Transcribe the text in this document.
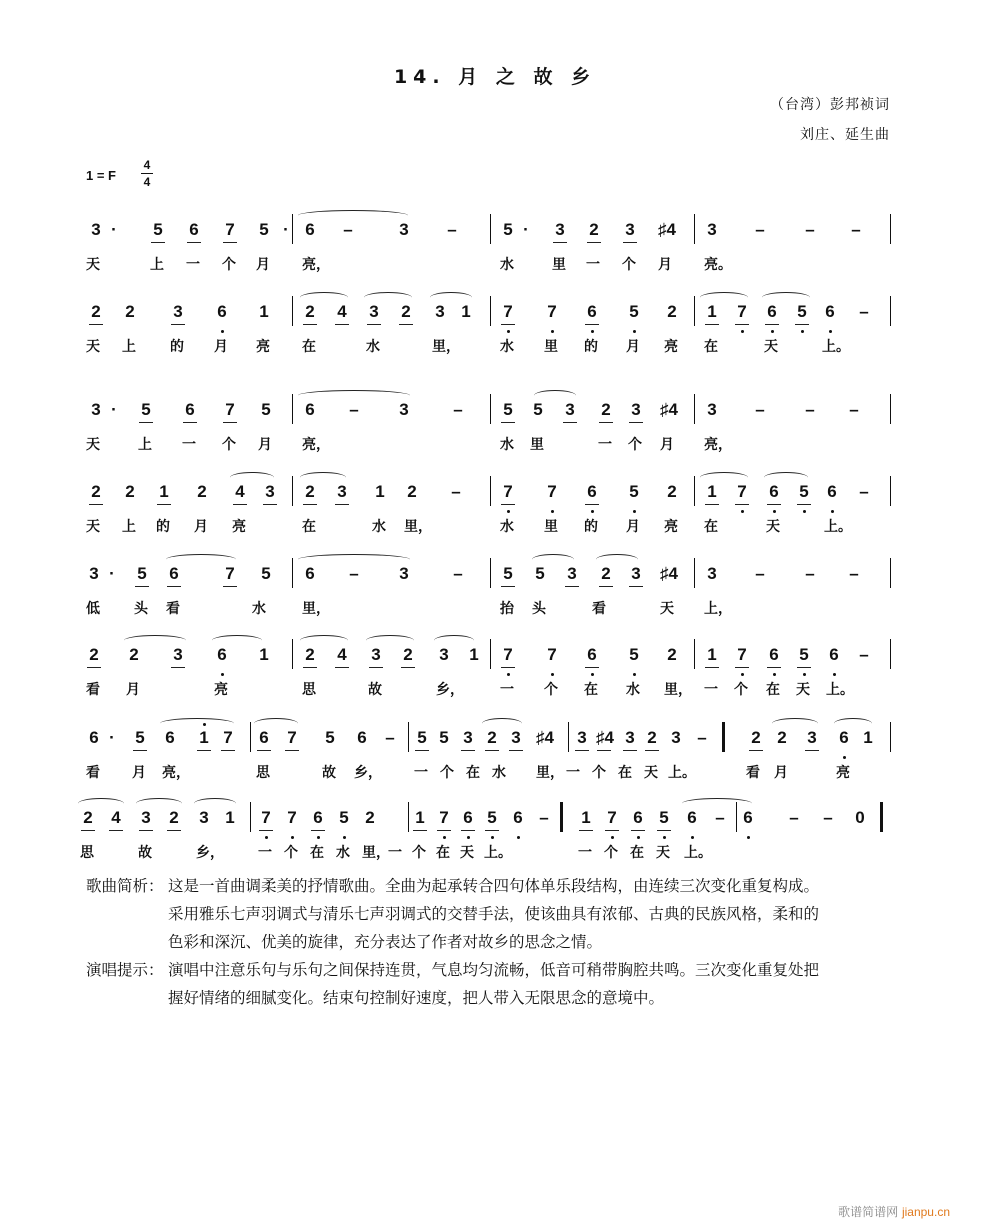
14. 月 之 故 乡
（台湾）彭邦祯词
刘庄、延生曲
1 = F
4
4
3 ·	5 6 7 5 · 6 –	3 –	5 ·	3 2 3 ♯4 3 – – –
天	上 一 个 月 亮，	水	里 一 个 月 亮。
2 2 3 6 1 2 4 3 2 3 1 7 7 6 5 2 1 7 6 5 6 –
天 上 的 月 亮 在	水	里，	水 里 的 月 亮 在	天	上。
3 ·	5 6 7 5 6 – 3	– 5 5 3 2 3 ♯4 3 – – –
天	上 一 个 月 亮，	水 里	一 个 月 亮，
2 2 1 2 4 3 2 3 1 2 –	7 7 6 5 2 1 7 6 5 6 –
天 上 的 月 亮	在	水 里，	水 里 的 月 亮 在	天	上。
3 ·	5 6	7 5 6 – 3	– 5 5 3 2 3 ♯4 3 – – –
低 头 看	水	里，	抬 头	看	天 上，
2 2 3 6 1 2 4 3 2 3 1 7 7 6 5 2 1 7 6 5 6 –
看 月	亮	思	故	乡，	一 个 在 水 里， 一 个 在 天 上。
6 ·	5 6 1 7 6 7 5 6 – 5 5 3 2 3 ♯4 3 ♯4 3 2 3 –	2 2 3 6 1
看 月 亮，	思	故 乡， 一 个 在 水 里， 一 个 在 天 上。	看 月	亮
2 4 3 2 3 1 7 7 6 5 2 1 7 6 5 6 – 1 7 6 5 6 – 6 – – 0
思	故	乡， 一 个 在 水 里，
一 个 在 天 上。	一 个 在 天 上。
歌曲简析： 这是一首曲调柔美的抒情歌曲。全曲为起承转合四句体单乐段结构，由连续三次变化重复构成。
采用雅乐七声羽调式与清乐七声羽调式的交替手法，使该曲具有浓郁、古典的民族风格，柔和的
色彩和深沉、优美的旋律，充分表达了作者对故乡的思念之情。
演唱提示： 演唱中注意乐句与乐句之间保持连贯，气息均匀流畅，低音可稍带胸腔共鸣。三次变化重复处把
握好情绪的细腻变化。结束句控制好速度，把人带入无限思念的意境中。
歌谱简谱网 jianpu.cn
